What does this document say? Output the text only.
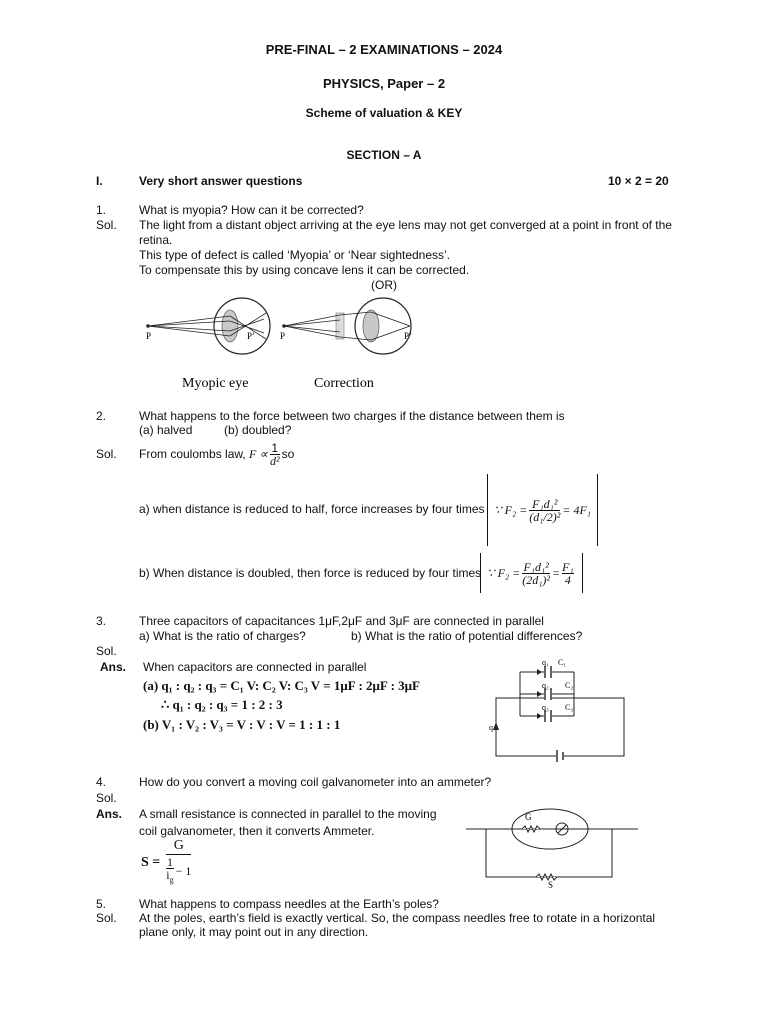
PRE-FINAL – 2 EXAMINATIONS – 2024
PHYSICS, Paper – 2
Scheme of valuation & KEY
SECTION – A
I.	Very short answer questions	10 × 2 = 20
1.	What is myopia? How can it be corrected?
Sol. The light from a distant object arriving at the eye lens may not get converged at a point in front of the
retina.
This type of defect is called ‘Myopia’ or ‘Near sightedness’.
To compensate this by using concave lens it can be corrected.
(OR)
P	P’	P	P’
Myopic eye	Correction
2.	What happens to the force between two charges if the distance between them is
(a) halved	(b) doubled?
Sol. From coulombs law,
$F \propto \frac{1}{\text{d²}}$ so
a) when distance is reduced to half, force increases by four times ∵ $F_2 = \frac{\text{F₁d₁²}}{\text{(d₁/2)²}} = 4F_1$
b) When distance is doubled, then force is reduced by four times ∵ $F_2 = \frac{\text{F₁d₁²}}{\text{(2d₁)²}} = \frac{\text{F₁}}{4}$
3.	Three capacitors of capacitances 1μF,2μF and 3μF are connected in parallel
a) What is the ratio of charges?	b) What is the ratio of potential differences?
Sol.
Ans. When capacitors are connected in parallel
(a) q₁ : q₂ : q₃ = C₁ V: C₂ V: C₃ V = 1μF : 2μF : 3μF
∴ q₁ : q₂ : q₃ = 1 : 2 : 3
(b) V₁ : V₂ : V₃ = V : V : V = 1 : 1 : 1
q₁ C₁
q₂ C₂
q₃ C₃
q
4.	How do you convert a moving coil galvanometer into an ammeter?
Sol.
Ans. A small resistance is connected in parallel to the moving
coil galvanometer, then it converts Ammeter.
$S = \frac{G}{\frac{1}{i_g} - 1}$
G
S
5.	What happens to compass needles at the Earth’s poles?
Sol. At the poles, earth’s field is exactly vertical. So, the compass needles free to rotate in a horizontal
plane only, it may point out in any direction.
